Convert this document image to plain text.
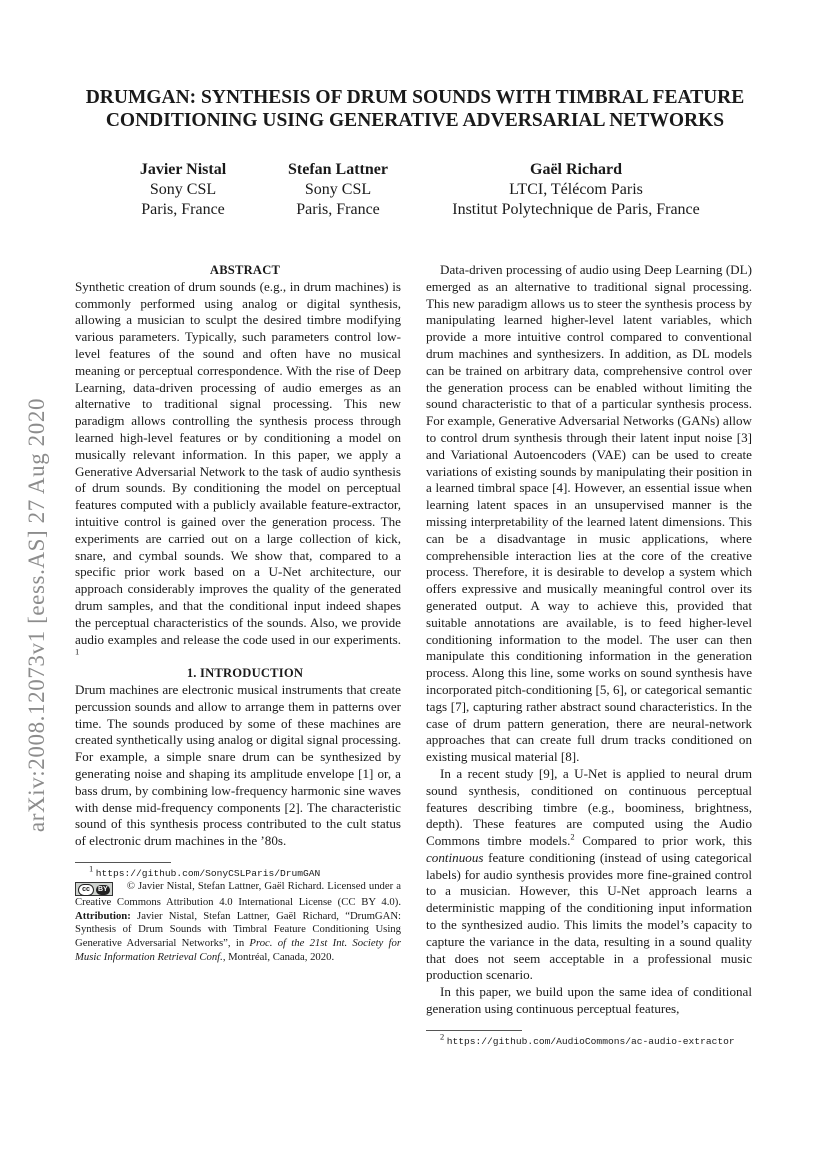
arXiv:2008.12073v1 [eess.AS] 27 Aug 2020
DRUMGAN: SYNTHESIS OF DRUM SOUNDS WITH TIMBRAL FEATURE
CONDITIONING USING GENERATIVE ADVERSARIAL NETWORKS
Javier Nistal
Sony CSL
Paris, France
Stefan Lattner
Sony CSL
Paris, France
Gaël Richard
LTCI, Télécom Paris
Institut Polytechnique de Paris, France

ABSTRACT

Synthetic creation of drum sounds (e.g., in drum machines) is commonly performed using analog or digital synthesis, allowing a musician to sculpt the desired timbre modifying various parameters. Typically, such parameters control low-level features of the sound and often have no musical meaning or perceptual correspondence. With the rise of Deep Learning, data-driven processing of audio emerges as an alternative to traditional signal processing. This new paradigm allows controlling the synthesis process through learned high-level features or by conditioning a model on musically relevant information. In this paper, we apply a Generative Adversarial Network to the task of audio synthesis of drum sounds. By conditioning the model on perceptual features computed with a publicly available feature-extractor, intuitive control is gained over the generation process. The experiments are carried out on a large collection of kick, snare, and cymbal sounds. We show that, compared to a specific prior work based on a U-Net architecture, our approach considerably improves the quality of the generated drum samples, and that the conditional input indeed shapes the perceptual characteristics of the sounds. Also, we provide audio examples and release the code used in our experiments. $^1$

1. INTRODUCTION

Drum machines are electronic musical instruments that create percussion sounds and allow to arrange them in patterns over time. The sounds produced by some of these machines are created synthetically using analog or digital signal processing. For example, a simple snare drum can be synthesized by generating noise and shaping its amplitude envelope [1] or, a bass drum, by combining low-frequency harmonic sine waves with dense mid-frequency components [2]. The characteristic sound of this synthesis process contributed to the cult status of electronic drum machines in the ’80s.

$^1$ https://github.com/SonyCSLParis/DrumGAN

cc BY © Javier Nistal, Stefan Lattner, Gaël Richard. Licensed under a Creative Commons Attribution 4.0 International License (CC BY 4.0). Attribution: Javier Nistal, Stefan Lattner, Gaël Richard, “DrumGAN: Synthesis of Drum Sounds with Timbral Feature Conditioning Using Generative Adversarial Networks”, in Proc. of the 21st Int. Society for Music Information Retrieval Conf., Montréal, Canada, 2020.

Data-driven processing of audio using Deep Learning (DL) emerged as an alternative to traditional signal processing. This new paradigm allows us to steer the synthesis process by manipulating learned higher-level latent variables, which provide a more intuitive control compared to conventional drum machines and synthesizers. In addition, as DL models can be trained on arbitrary data, comprehensive control over the generation process can be enabled without limiting the sound characteristic to that of a particular synthesis process. For example, Generative Adversarial Networks (GANs) allow to control drum synthesis through their latent input noise [3] and Variational Autoencoders (VAE) can be used to create variations of existing sounds by manipulating their position in a learned timbral space [4]. However, an essential issue when learning latent spaces in an unsupervised manner is the missing interpretability of the learned latent dimensions. This can be a disadvantage in music applications, where comprehensible interaction lies at the core of the creative process. Therefore, it is desirable to develop a system which offers expressive and musically meaningful control over its generated output. A way to achieve this, provided that suitable annotations are available, is to feed higher-level conditioning information to the model. The user can then manipulate this conditioning information in the generation process. Along this line, some works on sound synthesis have incorporated pitch-conditioning [5, 6], or categorical semantic tags [7], capturing rather abstract sound characteristics. In the case of drum pattern generation, there are neural-network approaches that can create full drum tracks conditioned on existing musical material [8].

In a recent study [9], a U-Net is applied to neural drum sound synthesis, conditioned on continuous perceptual features describing timbre (e.g., boominess, brightness, depth). These features are computed using the Audio Commons timbre models.$^2$ Compared to prior work, this continuous feature conditioning (instead of using categorical labels) for audio synthesis provides more fine-grained control to a musician. However, this U-Net approach learns a deterministic mapping of the conditioning input information to the synthesized audio. This limits the model’s capacity to capture the variance in the data, resulting in a sound quality that does not seem acceptable in a professional music production scenario.

In this paper, we build upon the same idea of conditional generation using continuous perceptual features,

$^2$ https://github.com/AudioCommons/ac-audio-extractor
